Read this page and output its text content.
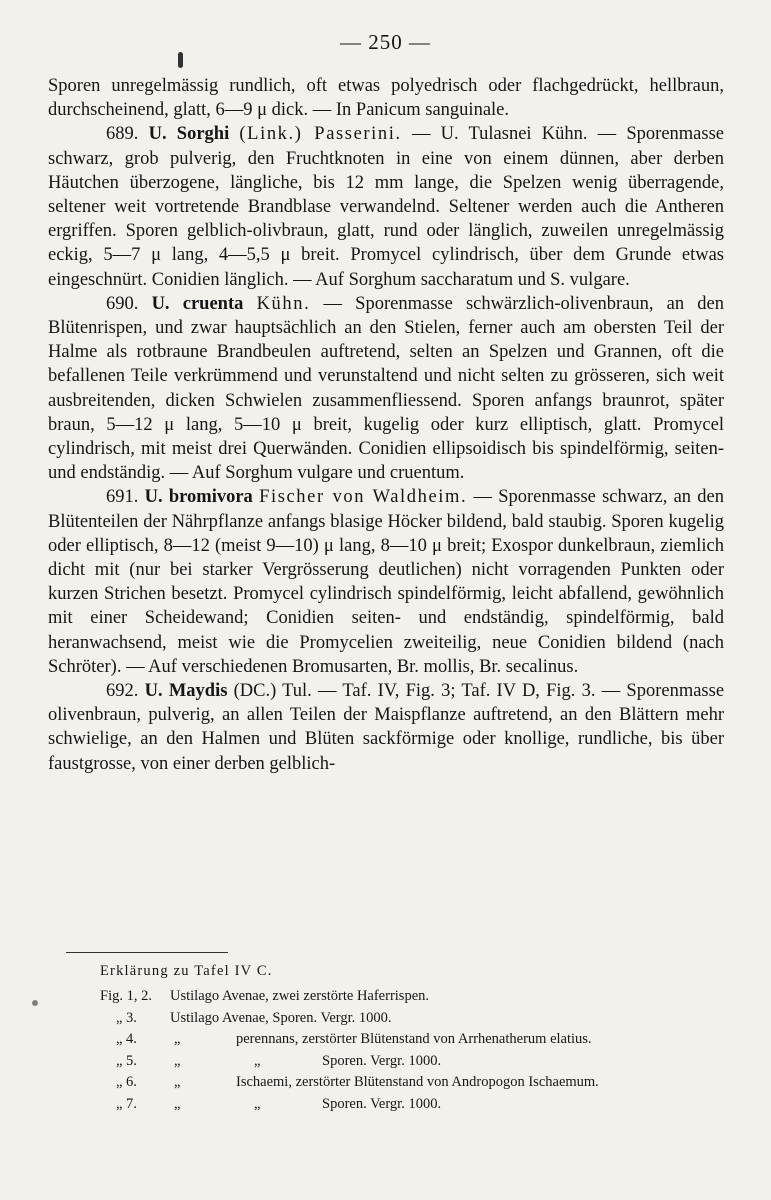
— 250 —

Sporen unregelmässig rundlich, oft etwas polyedrisch oder flachgedrückt, hellbraun, durchscheinend, glatt, 6—9 μ dick. — In Panicum sanguinale.

689. U. Sorghi (Link.) Passerini. — U. Tulasnei Kühn. — Sporenmasse schwarz, grob pulverig, den Fruchtknoten in eine von einem dünnen, aber derben Häutchen überzogene, längliche, bis 12 mm lange, die Spelzen wenig überragende, seltener weit vortretende Brandblase verwandelnd. Seltener werden auch die Antheren ergriffen. Sporen gelblich-olivbraun, glatt, rund oder länglich, zuweilen unregelmässig eckig, 5—7 μ lang, 4—5,5 μ breit. Promycel cylindrisch, über dem Grunde etwas eingeschnürt. Conidien länglich. — Auf Sorghum saccharatum und S. vulgare.

690. U. cruenta Kühn. — Sporenmasse schwärzlich-olivenbraun, an den Blütenrispen, und zwar hauptsächlich an den Stielen, ferner auch am obersten Teil der Halme als rotbraune Brandbeulen auftretend, selten an Spelzen und Grannen, oft die befallenen Teile verkrümmend und verunstaltend und nicht selten zu grösseren, sich weit ausbreitenden, dicken Schwielen zusammenfliessend. Sporen anfangs braunrot, später braun, 5—12 μ lang, 5—10 μ breit, kugelig oder kurz elliptisch, glatt. Promycel cylindrisch, mit meist drei Querwänden. Conidien ellipsoidisch bis spindelförmig, seiten- und endständig. — Auf Sorghum vulgare und cruentum.

691. U. bromivora Fischer von Waldheim. — Sporenmasse schwarz, an den Blütenteilen der Nährpflanze anfangs blasige Höcker bildend, bald staubig. Sporen kugelig oder elliptisch, 8—12 (meist 9—10) μ lang, 8—10 μ breit; Exospor dunkelbraun, ziemlich dicht mit (nur bei starker Vergrösserung deutlichen) nicht vorragenden Punkten oder kurzen Strichen besetzt. Promycel cylindrisch spindelförmig, leicht abfallend, gewöhnlich mit einer Scheidewand; Conidien seiten- und endständig, spindelförmig, bald heranwachsend, meist wie die Promycelien zweiteilig, neue Conidien bildend (nach Schröter). — Auf verschiedenen Bromusarten, Br. mollis, Br. secalinus.

692. U. Maydis (DC.) Tul. — Taf. IV, Fig. 3; Taf. IV D, Fig. 3. — Sporenmasse olivenbraun, pulverig, an allen Teilen der Maispflanze auftretend, an den Blättern mehr schwielige, an den Halmen und Blüten sackförmige oder knollige, rundliche, bis über faustgrosse, von einer derben gelblich-

Erklärung zu Tafel IV C.
Fig. 1, 2.	Ustilago Avenae, zwei zerstörte Haferrispen.
„ 3.	Ustilago Avenae, Sporen. Vergr. 1000.
„ 4.	„	perennans, zerstörter Blütenstand von Arrhenatherum elatius.
„ 5.	„	„	Sporen. Vergr. 1000.
„ 6.	„	Ischaemi, zerstörter Blütenstand von Andropogon Ischaemum.
„ 7.	„	„	Sporen. Vergr. 1000.
